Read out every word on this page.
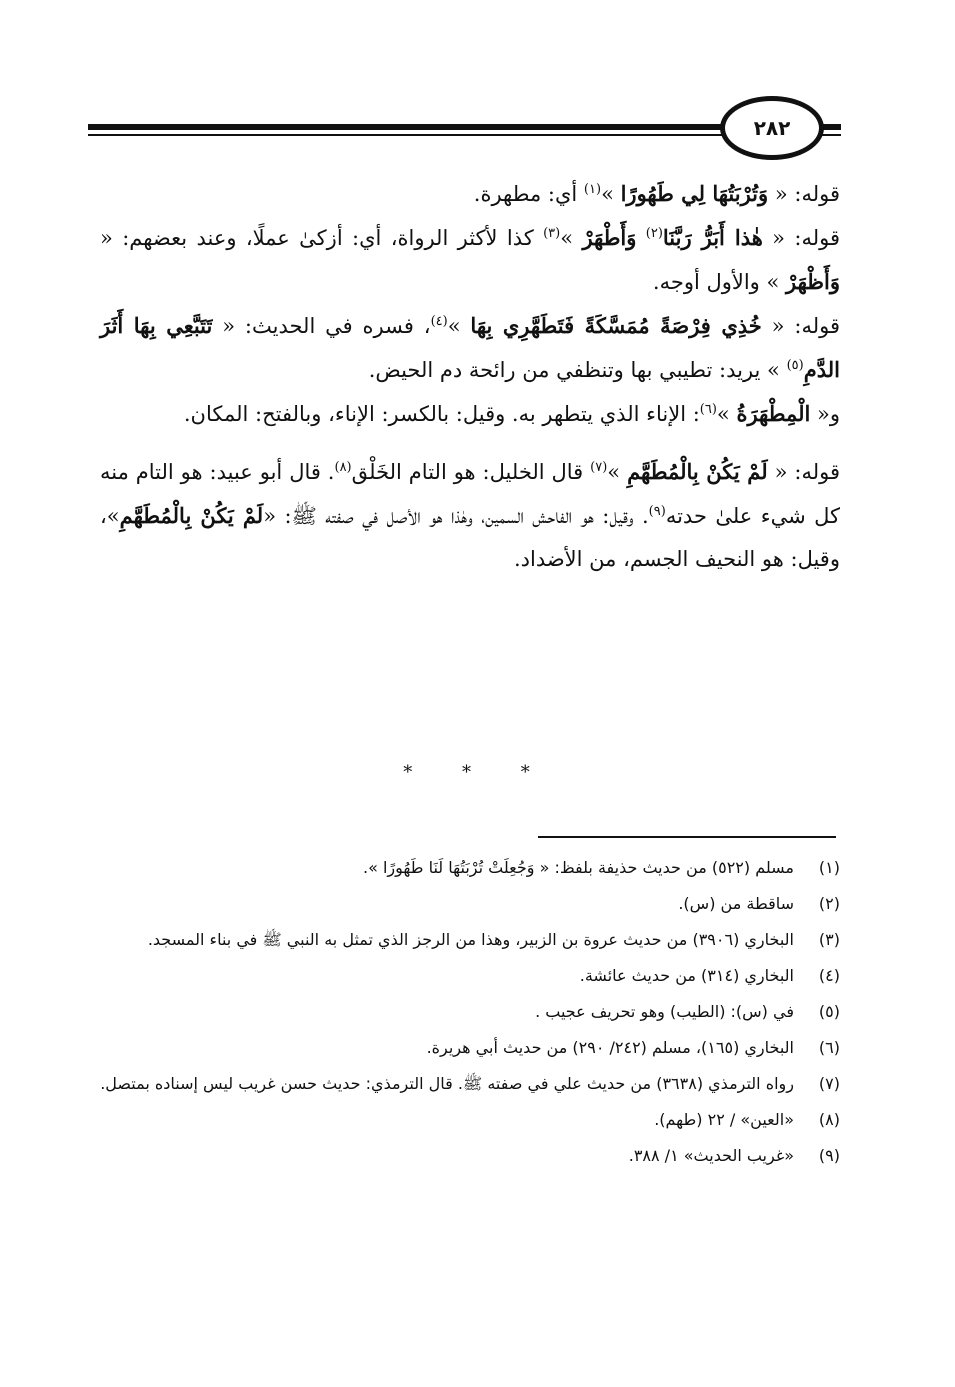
٢٨٢

قوله: « وَتُرْبَتُهَا لِي طَهُورًا »$^{(١)}$ أي: مطهرة.

قوله: « هٰذا أَبَرُّ رَبَّنَا$^{(٢)}$ وَأَطْهَرْ »$^{(٣)}$ كذا لأكثر الرواة، أي: أزكىٰ عملًا، وعند بعضهم: « وَأَظْهَرْ » والأول أوجه.

قوله: « خُذِي فِرْصَةً مُمَسَّكَةً فَتَطَهَّرِي بِهَا »$^{(٤)}$، فسره في الحديث: « تَتَبَّعِي بِهَا أَثَرَ الدَّمِ$^{(٥)}$ » يريد: تطيبي بها وتنظفي من رائحة دم الحيض.

و« الْمِطْهَرَةُ »$^{(٦)}$: الإناء الذي يتطهر به. وقيل: بالكسر: الإناء، وبالفتح: المكان.

قوله: « لَمْ يَكُنْ بِالْمُطَهَّمِ »$^{(٧)}$ قال الخليل: هو التام الخَلْق$^{(٨)}$. قال أبو عبيد: هو التام منه كل شيء علىٰ حدته$^{(٩)}$. وقيل: هو الفاحش السمين، وهٰذا هو الأصل في صفته ﷺ: «لَمْ يَكُنْ بِالْمُطَهَّمِ»، وقيل: هو النحيف الجسم، من الأضداد.

* * *
(١)
مسلم (٥٢٢) من حديث حذيفة بلفظ: « وَجُعِلَتْ تُرْبَتُهَا لَنَا طَهُورًا ».
(٢)
ساقطة من (س).
(٣)
البخاري (٣٩٠٦) من حديث عروة بن الزبير، وهذا من الرجز الذي تمثل به النبي ﷺ في بناء المسجد.
(٤)
البخاري (٣١٤) من حديث عائشة.
(٥)
في (س): (الطيب) وهو تحريف عجيب .
(٦)
البخاري (١٦٥)، مسلم (٢٤٢/ ٢٩٠) من حديث أبي هريرة.
(٧)
رواه الترمذي (٣٦٣٨) من حديث علي في صفته ﷺ. قال الترمذي: حديث حسن غريب ليس إسناده بمتصل.
(٨)
«العين» / ٢٢ (طهم).
(٩)
«غريب الحديث» ١/ ٣٨٨.
